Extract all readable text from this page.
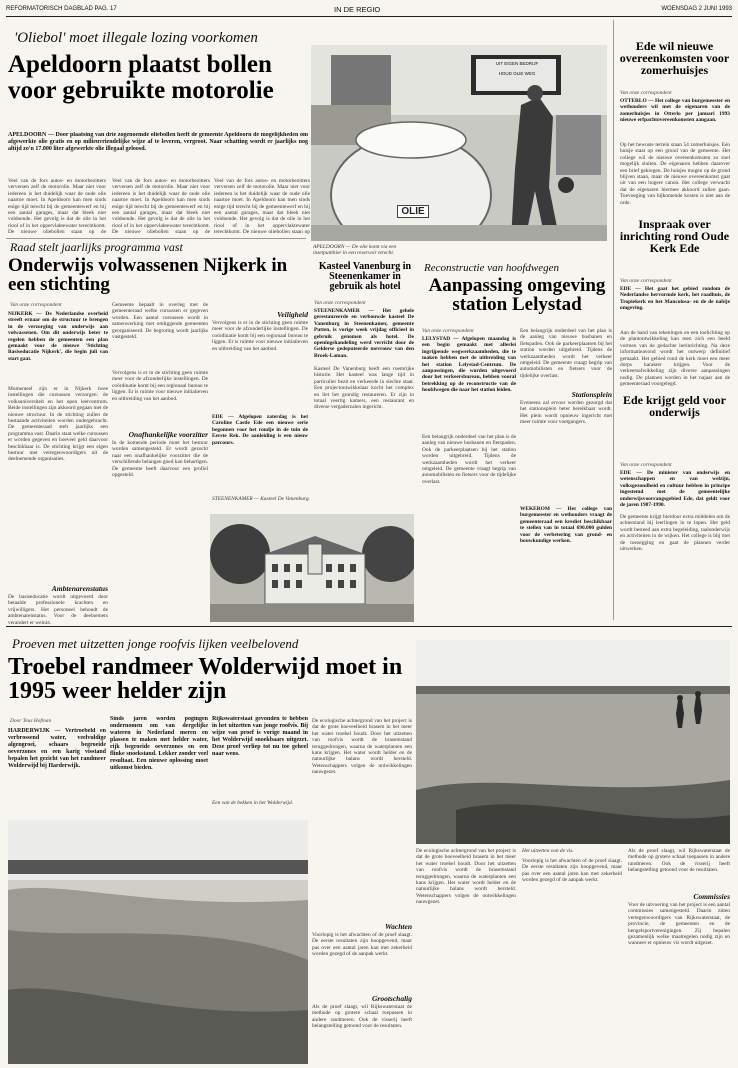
REFORMATORISCH DAGBLAD PAG. 17	IN DE REGIO	WOENSDAG 2 JUNI 1993
'Oliebol' moet illegale lozing voorkomen
Apeldoorn plaatst bollen voor gebruikte motorolie
APELDOORN — Door plaatsing van drie zogenoemde oliebollen heeft de gemeente Apeldoorn de mogelijkheden om afgewerkte olie gratis en op milieuvriendelijke wijze af te leveren, vergroot. Naar schatting wordt er jaarlijks nog altijd zo'n 17.000 liter afgewerkte olie illegaal geloosd.
Veel van de fors autos- en motorbezitters verversen zelf de motorolie. Maar niet voor iedereen is het duidelijk waar de oude olie naartoe moet. In Apeldoorn kan men sinds enige tijd terecht bij de gemeentewerf en bij een aantal garages, maar dat bleek niet voldoende. Het gevolg is dat de olie in het riool of in het oppervlaktewater terechtkomt. De nieuwe oliebollen staan op de
Veel van de fors autos- en motorbezitters verversen zelf de motorolie. Maar niet voor iedereen is het duidelijk waar de oude olie naartoe moet. In Apeldoorn kan men sinds enige tijd terecht bij de gemeentewerf en bij een aantal garages, maar dat bleek niet voldoende. Het gevolg is dat de olie in het riool of in het oppervlaktewater terechtkomt. De nieuwe oliebollen staan op de
Veel van de fors autos- en motorbezitters verversen zelf de motorolie. Maar niet voor iedereen is het duidelijk waar de oude olie naartoe moet. In Apeldoorn kan men sinds enige tijd terecht bij de gemeentewerf en bij een aantal garages, maar dat bleek niet voldoende. Het gevolg is dat de olie in het riool of in het oppervlaktewater terechtkomt. De nieuwe oliebollen staan op
UIT EIGEN BEDRIJF
HOUD OLIE WEG
OLIE
APELDOORN — De olie komt via een inzetpunthier in een reservoir terecht.
Ede wil nieuwe overeenkomsten voor zomerhuisjes
Van onze correspondent
OTTERLO — Het college van burgemeester en wethouders wil met de eigenaren van de zomerhuisjes in Otterlo per januari 1993 nieuwe erfpachtovereenkomsten aangaan.
Op het bewuste terrein staan 54 zomerhuisjes. Eén huisje staat op een grond van de gemeente. Het college wil de nieuwe overeenkomsten zo snel mogelijk sluiten. De eigenaren hebben daarover een brief gekregen. De huisjes mogen op de grond blijven staan, maar de nieuwe overeenkomst gaat uit van een hogere canon. Het college verwacht dat de eigenaren hiermee akkoord zullen gaan. Toevoeging van bijkomende kosten is niet aan de orde.
Inspraak over inrichting rond Oude Kerk Ede
Van onze correspondent
EDE — Het gaat het gebied rondom de Nederlandse hervormde kerk, het raadhuis, de Tropiekerk en het Mancolosa- en de de nabije omgeving.
Aan de hand van tekeningen en een toelichting op de plantontwikkeling kan men zich een beeld vormen van de gedachte herinrichting. Na deze informatieavond wordt het ontwerp definitief gemaakt. Het gebied rond de kerk moet een meer dorps karakter krijgen. Voor de verkeersafwikkeling zijn diverse aanpassingen nodig. De plannen worden in het najaar aan de gemeenteraad voorgelegd.
Ede krijgt geld voor onderwijs
Van onze correspondent
EDE — De minister van onderwijs en wetenschappen en van welzijn, volksgezondheid en cultuur hebben in principe ingestemd met de gemeentelijke onderwijsvoorrangsgebied Ede, dat geldt voor de jaren 1987-1990.
De gemeente krijgt hierdoor extra middelen om de achterstand bij leerlingen in te lopen. Het geld wordt besteed aan extra begeleiding, taalonderwijs en activiteiten in de wijken. Het college is blij met de toezegging en gaat de plannen verder uitwerken.
Raad stelt jaarlijks programma vast
Onderwijs volwassenen Nijkerk in een stichting
Van onze correspondent
NIJKERK — De Nederlandse overheid streeft ernaar om de structuur te brengen in de verzorging van onderwijs aan volwassenen. Om dit onderwijs beter te regelen hebben de gemeenten een plan gemaakt voor de nieuwe 'Stichting Basiseducatie Nijkerk', die begin juli van start gaat.
Momenteel zijn er in Nijkerk twee instellingen die cursussen verzorgen: de volksuniversiteit en het open leercentrum. Beide instellingen zijn akkoord gegaan met de nieuwe structuur. In de stichting zullen de bestaande activiteiten worden ondergebracht. De gemeenteraad stelt jaarlijks een programma vast. Daarin staat welke cursussen er worden gegeven en hoeveel geld daarvoor beschikbaar is. De stichting krijgt een eigen bestuur met vertegenwoordigers uit de deelnemende organisaties.
Ambtenarenstatus
De basiseducatie wordt uitgevoerd door betaalde professionele krachten en vrijwilligers. Het personeel behoudt de ambtenarenstatus. Voor de deelnemers verandert er weinig.
Gemeente bepaalt in overleg met de gemeenteraad welke cursussen er gegeven worden. Een aantal cursussen wordt in samenwerking met omliggende gemeenten georganiseerd. De begroting wordt jaarlijks vastgesteld.
Vervolgens is er in de stichting geen ruimte meer voor de afzonderlijke instellingen. De coördinatie komt bij een regionaal bureau te liggen. Er is ruimte voor nieuwe initiatieven en uitbreiding van het aanbod.
Onafhankelijke voorzitter
In de komende periode moet het bestuur worden samengesteld. Er wordt gezocht naar een onafhankelijke voorzitter die de verschillende belangen goed kan behartigen. De gemeente heeft daarvoor een profiel opgesteld.
Veiligheid
Vervolgens is er in de stichting geen ruimte meer voor de afzonderlijke instellingen. De coördinatie komt bij een regionaal bureau te liggen. Er is ruimte voor nieuwe initiatieven en uitbreiding van het aanbod.
EDE — Afgelopen zaterdag is het Caroline Castle Ede een nieuwe serie begonnen voor het rondje in de tuin de Eerste Rek. De aanleiding is een nieuw parcours.
Kasteel Vanenburg in Steenenkamer in gebruik als hotel
Van onze correspondent
STEENENKAMER — Het gehele gerestaureerde en verbouwde kasteel De Vanenburg in Steenenkamer, gemeente Putten, is vorige week vrijdag officieel in gebruik genomen als hotel. De openingshandeling werd verricht door de Gelderse gedeputeerde mevrouw van den Broek-Laman.
Kasteel De Vanenburg heeft een roemrijke historie. Het kasteel was lange tijd in particulier bezit en verkeerde in slechte staat. Een projectontwikkelaar kocht het complex en liet het grondig restaureren. Er zijn in totaal veertig kamers, een restaurant en diverse vergaderzalen ingericht.
STEENENKAMER — Kasteel De Vanenburg.
Reconstructie van hoofdwegen
Aanpassing omgeving station Lelystad
Van onze correspondent
LELYSTAD — Afgelopen maandag is een begin gemaakt met allerlei ingrijpende wegwerkzaamheden, die te maken hebben met de uitbreiding van het station Lelystad-Centrum. De aanpassingen, die worden uitgevoerd door het verkeersbureau, hebben vooral betrekking op de reconstructie van de hoofdwegen die naar het station leiden.
Een belangrijk onderdeel van het plan is de aanleg van nieuwe busbanen en fietspaden. Ook de parkeerplaatsen bij het station worden uitgebreid. Tijdens de werkzaamheden wordt het verkeer omgeleid. De gemeente vraagt begrip van automobilisten en fietsers voor de tijdelijke overlast.
Een belangrijk onderdeel van het plan is de aanleg van nieuwe busbanen en fietspaden. Ook de parkeerplaatsen bij het station worden uitgebreid. Tijdens de werkzaamheden wordt het verkeer omgeleid. De gemeente vraagt begrip van automobilisten en fietsers voor de tijdelijke overlast.
Stationsplein
Eveneens zal ervoor worden gezorgd dat het stationsplein beter bereikbaar wordt. Het plein wordt opnieuw ingericht met meer ruimte voor voetgangers.
WEKEROM — Het college van burgemeester en wethouders vraagt de gemeenteraad een krediet beschikbaar te stellen van in totaal 690.000 gulden voor de verbetering van grond- en bouwkundige werken.
Proeven met uitzetten jonge roofvis lijken veelbelovend
Troebel randmeer Wolderwijd moet in 1995 weer helder zijn
Door Teus Hofman
HARDERWIJK — Vertroebeld en verbrossend water, veelvuldige algengroei, schaars begroeide oeverzones en een karig visstand bepalen het gezicht van het randmeer Wolderwijd bij Harderwijk.
Sinds jaren worden pogingen ondernomen om van dergelijke wateren in Nederland meren en plassen te maken met helder water, rijk begroeide oeverzones en een flinke snoekstand. Lekker zonder veel resultaat. Een nieuwe oplossing moet uitkomst bieden.
Rijkswaterstaat gevonden te hebben in het uitzetten van jonge roofvis. Bij wijze van proef is vorige maand in het Wolderwijd snoekbaars uitgezet. Deze proef verliep tot nu toe geheel naar wens.
Een van de bekken in het Wolderwijd.
De ecologische achtergrond van het project is dat de grote hoeveelheid brasem in het meer het water troebel houdt. Door het uitzetten van roofvis wordt de brasemstand teruggedrongen, waarna de waterplanten een kans krijgen. Het water wordt helder en de natuurlijke balans wordt hersteld. Wetenschappers volgen de ontwikkelingen nauwgezet.
Wachten
Voorlopig is het afwachten of de proef slaagt. De eerste resultaten zijn hoopgevend, maar pas over een aantal jaren kan met zekerheid worden gezegd of de aanpak werkt.
Grootschalig
Als de proef slaagt, wil Rijkswaterstaat de methode op grotere schaal toepassen in andere randmeren. Ook de visserij heeft belangstelling getoond voor de resultaten.
Het uitzetten van de vis.
De ecologische achtergrond van het project is dat de grote hoeveelheid brasem in het meer het water troebel houdt. Door het uitzetten van roofvis wordt de brasemstand teruggedrongen, waarna de waterplanten een kans krijgen. Het water wordt helder en de natuurlijke balans wordt hersteld. Wetenschappers volgen de ontwikkelingen nauwgezet.
Voorlopig is het afwachten of de proef slaagt. De eerste resultaten zijn hoopgevend, maar pas over een aantal jaren kan met zekerheid worden gezegd of de aanpak werkt.
Als de proef slaagt, wil Rijkswaterstaat de methode op grotere schaal toepassen in andere randmeren. Ook de visserij heeft belangstelling getoond voor de resultaten.
Commissies
Voor de uitvoering van het project is een aantal commissies samengesteld. Daarin zitten vertegenwoordigers van Rijkswaterstaat, de provincie, de gemeenten en de hengelsportverenigingen. Zij bepalen gezamenlijk welke maatregelen nodig zijn en wanneer er opnieuw vis wordt uitgezet.
